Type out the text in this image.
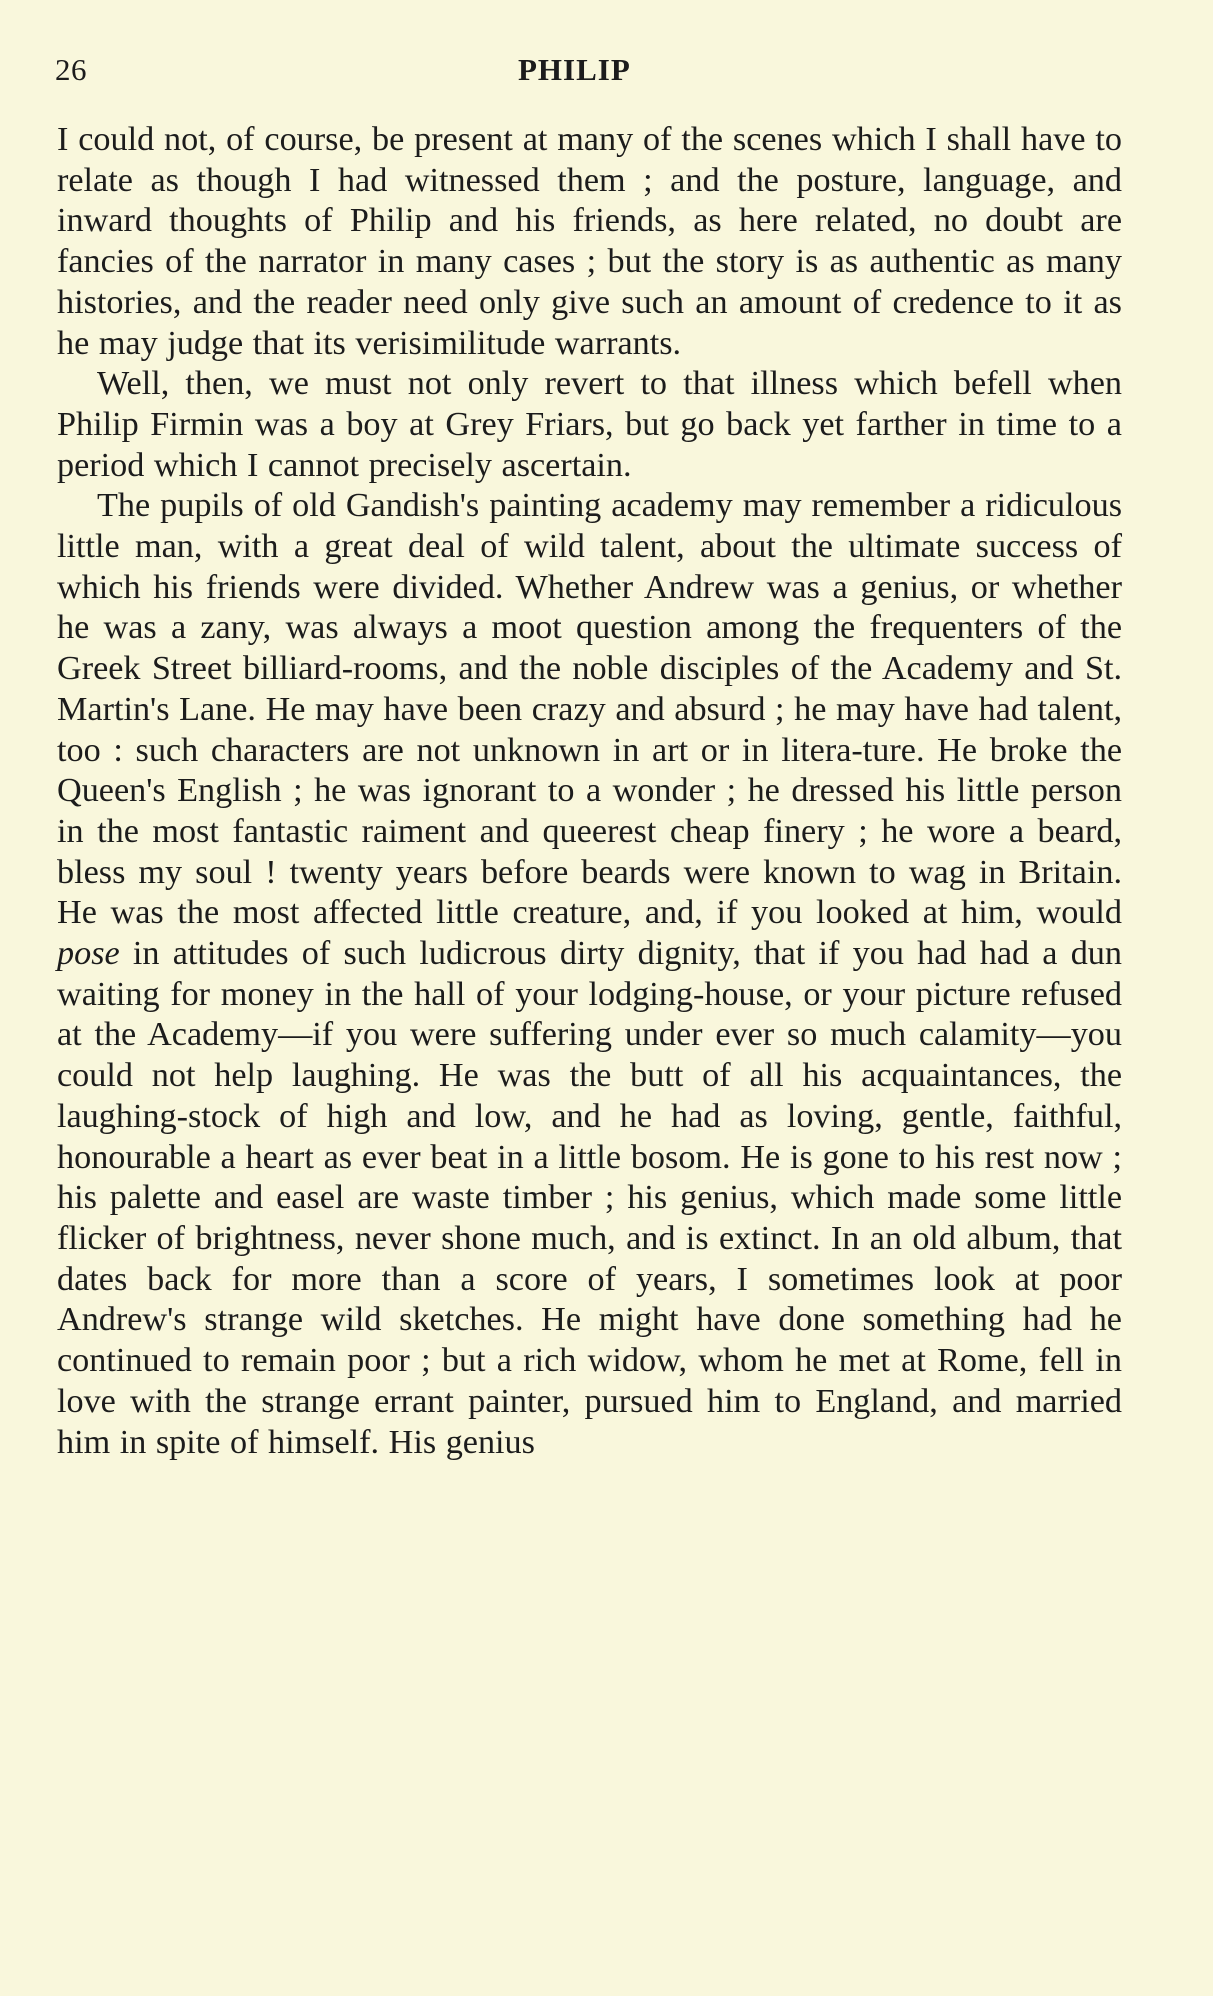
26	PHILIP

I could not, of course, be present at many of the scenes which I shall have to relate as though I had witnessed them ; and the posture, language, and inward thoughts of Philip and his friends, as here related, no doubt are fancies of the narrator in many cases ; but the story is as authentic as many histories, and the reader need only give such an amount of credence to it as he may judge that its verisimilitude warrants.

Well, then, we must not only revert to that illness which befell when Philip Firmin was a boy at Grey Friars, but go back yet farther in time to a period which I cannot precisely ascertain.

The pupils of old Gandish's painting academy may remember a ridiculous little man, with a great deal of wild talent, about the ultimate success of which his friends were divided. Whether Andrew was a genius, or whether he was a zany, was always a moot question among the frequenters of the Greek Street billiard-rooms, and the noble disciples of the Academy and St. Martin's Lane. He may have been crazy and absurd ; he may have had talent, too : such characters are not unknown in art or in litera-ture. He broke the Queen's English ; he was ignorant to a wonder ; he dressed his little person in the most fantastic raiment and queerest cheap finery ; he wore a beard, bless my soul ! twenty years before beards were known to wag in Britain. He was the most affected little creature, and, if you looked at him, would pose in attitudes of such ludicrous dirty dignity, that if you had had a dun waiting for money in the hall of your lodging-house, or your picture refused at the Academy—if you were suffering under ever so much calamity—you could not help laughing. He was the butt of all his acquaintances, the laughing-stock of high and low, and he had as loving, gentle, faithful, honourable a heart as ever beat in a little bosom. He is gone to his rest now ; his palette and easel are waste timber ; his genius, which made some little flicker of brightness, never shone much, and is extinct. In an old album, that dates back for more than a score of years, I sometimes look at poor Andrew's strange wild sketches. He might have done something had he continued to remain poor ; but a rich widow, whom he met at Rome, fell in love with the strange errant painter, pursued him to England, and married him in spite of himself. His genius
